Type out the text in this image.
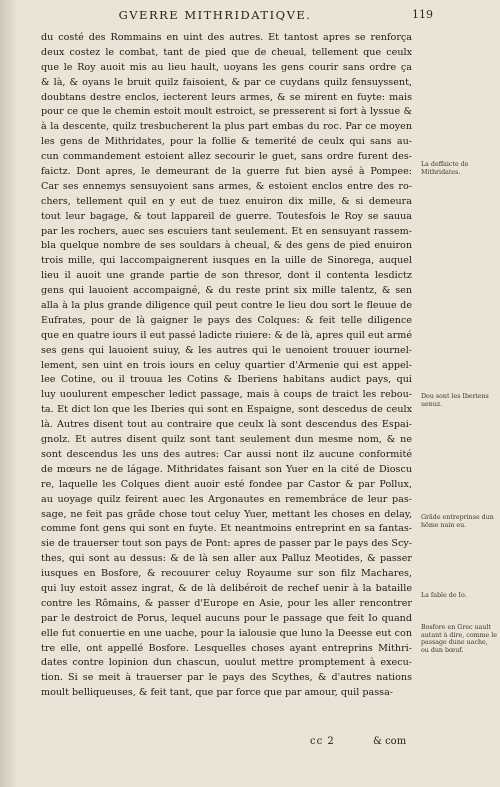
GVERRE MITHRIDATIQVE.	119
du costé des Rommains en uint des autres. Et tantost apres se renforça
deux costez le combat, tant de pied que de cheual, tellement que ceulx
que le Roy auoit mis au lieu hault, uoyans les gens courir sans ordre ça
& là, & oyans le bruit quilz faisoient, & par ce cuydans quilz fensuyssent,
doubtans destre enclos, iecterent leurs armes, & se mirent en fuyte: mais
pour ce que le chemin estoit moult estroict, se presserent si fort à lyssue &
à la descente, quilz tresbucherent la plus part embas du roc. Par ce moyen
les gens de Mithridates, pour la follie & temerité de ceulx qui sans au-
cun commandement estoient allez secourir le guet, sans ordre furent des-
faictz. Dont apres, le demeurant de la guerre fut bien aysé à Pompee:
Car ses ennemys sensuyoient sans armes, & estoient enclos entre des ro-
chers, tellement quil en y eut de tuez enuiron dix mille, & si demeura
tout leur bagage, & tout lappareil de guerre. Toutesfois le Roy se sauua
par les rochers, auec ses escuiers tant seulement. Et en sensuyant rassem-
bla quelque nombre de ses souldars à cheual, & des gens de pied enuiron
trois mille, qui laccompaignerent iusques en la uille de Sinorega, auquel
lieu il auoit une grande partie de son thresor, dont il contenta lesdictz
gens qui lauoient accompaigné, & du reste print six mille talentz, & sen
alla à la plus grande diligence quil peut contre le lieu dou sort le fleuue de
Eufrates, pour de là gaigner le pays des Colques: & feit telle diligence
que en quatre iours il eut passé ladicte riuiere: & de là, apres quil eut armé
ses gens qui lauoient suiuy, & les autres qui le uenoient trouuer iournel-
lement, sen uint en trois iours en celuy quartier d'Armenie qui est appel-
lee Cotine, ou il trouua les Cotins & Iberiens habitans audict pays, qui
luy uoulurent empescher ledict passage, mais à coups de traict les rebou-
ta. Et dict lon que les Iberies qui sont en Espaigne, sont descedus de ceulx
là. Autres disent tout au contraire que ceulx là sont descendus des Espai-
gnolz. Et autres disent quilz sont tant seulement dun mesme nom, & ne
sont descendus les uns des autres: Car aussi nont ilz aucune conformité
de mœurs ne de lágage. Mithridates faisant son Yuer en la cité de Dioscu
re, laquelle les Colques dient auoir esté fondee par Castor & par Pollux,
au uoyage quilz feirent auec les Argonautes en remembráce de leur pas-
sage, ne feit pas grãde chose tout celuy Yuer, mettant les choses en delay,
comme font gens qui sont en fuyte. Et neantmoins entreprint en sa fantas-
sie de trauerser tout son pays de Pont: apres de passer par le pays des Scy-
thes, qui sont au dessus: & de là sen aller aux Palluz Meotides, & passer
iusques en Bosfore, & recouurer celuy Royaume sur son filz Machares,
qui luy estoit assez ingrat, & de là delibéroit de rechef uenir à la bataille
contre les Rõmains, & passer d'Europe en Asie, pour les aller rencontrer
par le destroict de Porus, lequel aucuns pour le passage que feit Io quand
elle fut conuertie en une uache, pour la ialousie que luno la Deesse eut con
tre elle, ont appellé Bosfore. Lesquelles choses ayant entreprins Mithri-
dates contre lopinion dun chascun, uoulut mettre promptement à execu-
tion. Si se meit à trauerser par le pays des Scythes, & d'autres nations
moult belliqueuses, & feit tant, que par force que par amour, quil passa-
La deffaicte de Mithridates.
Dou sont les Iberiens uenuz.
Grãde entreprinse dun hõme nain eu.
La fable de Io.
Bosfore en Grec uault autant à dire, comme le passage dune uache, ou dun bœuf.
cc 2	& com
